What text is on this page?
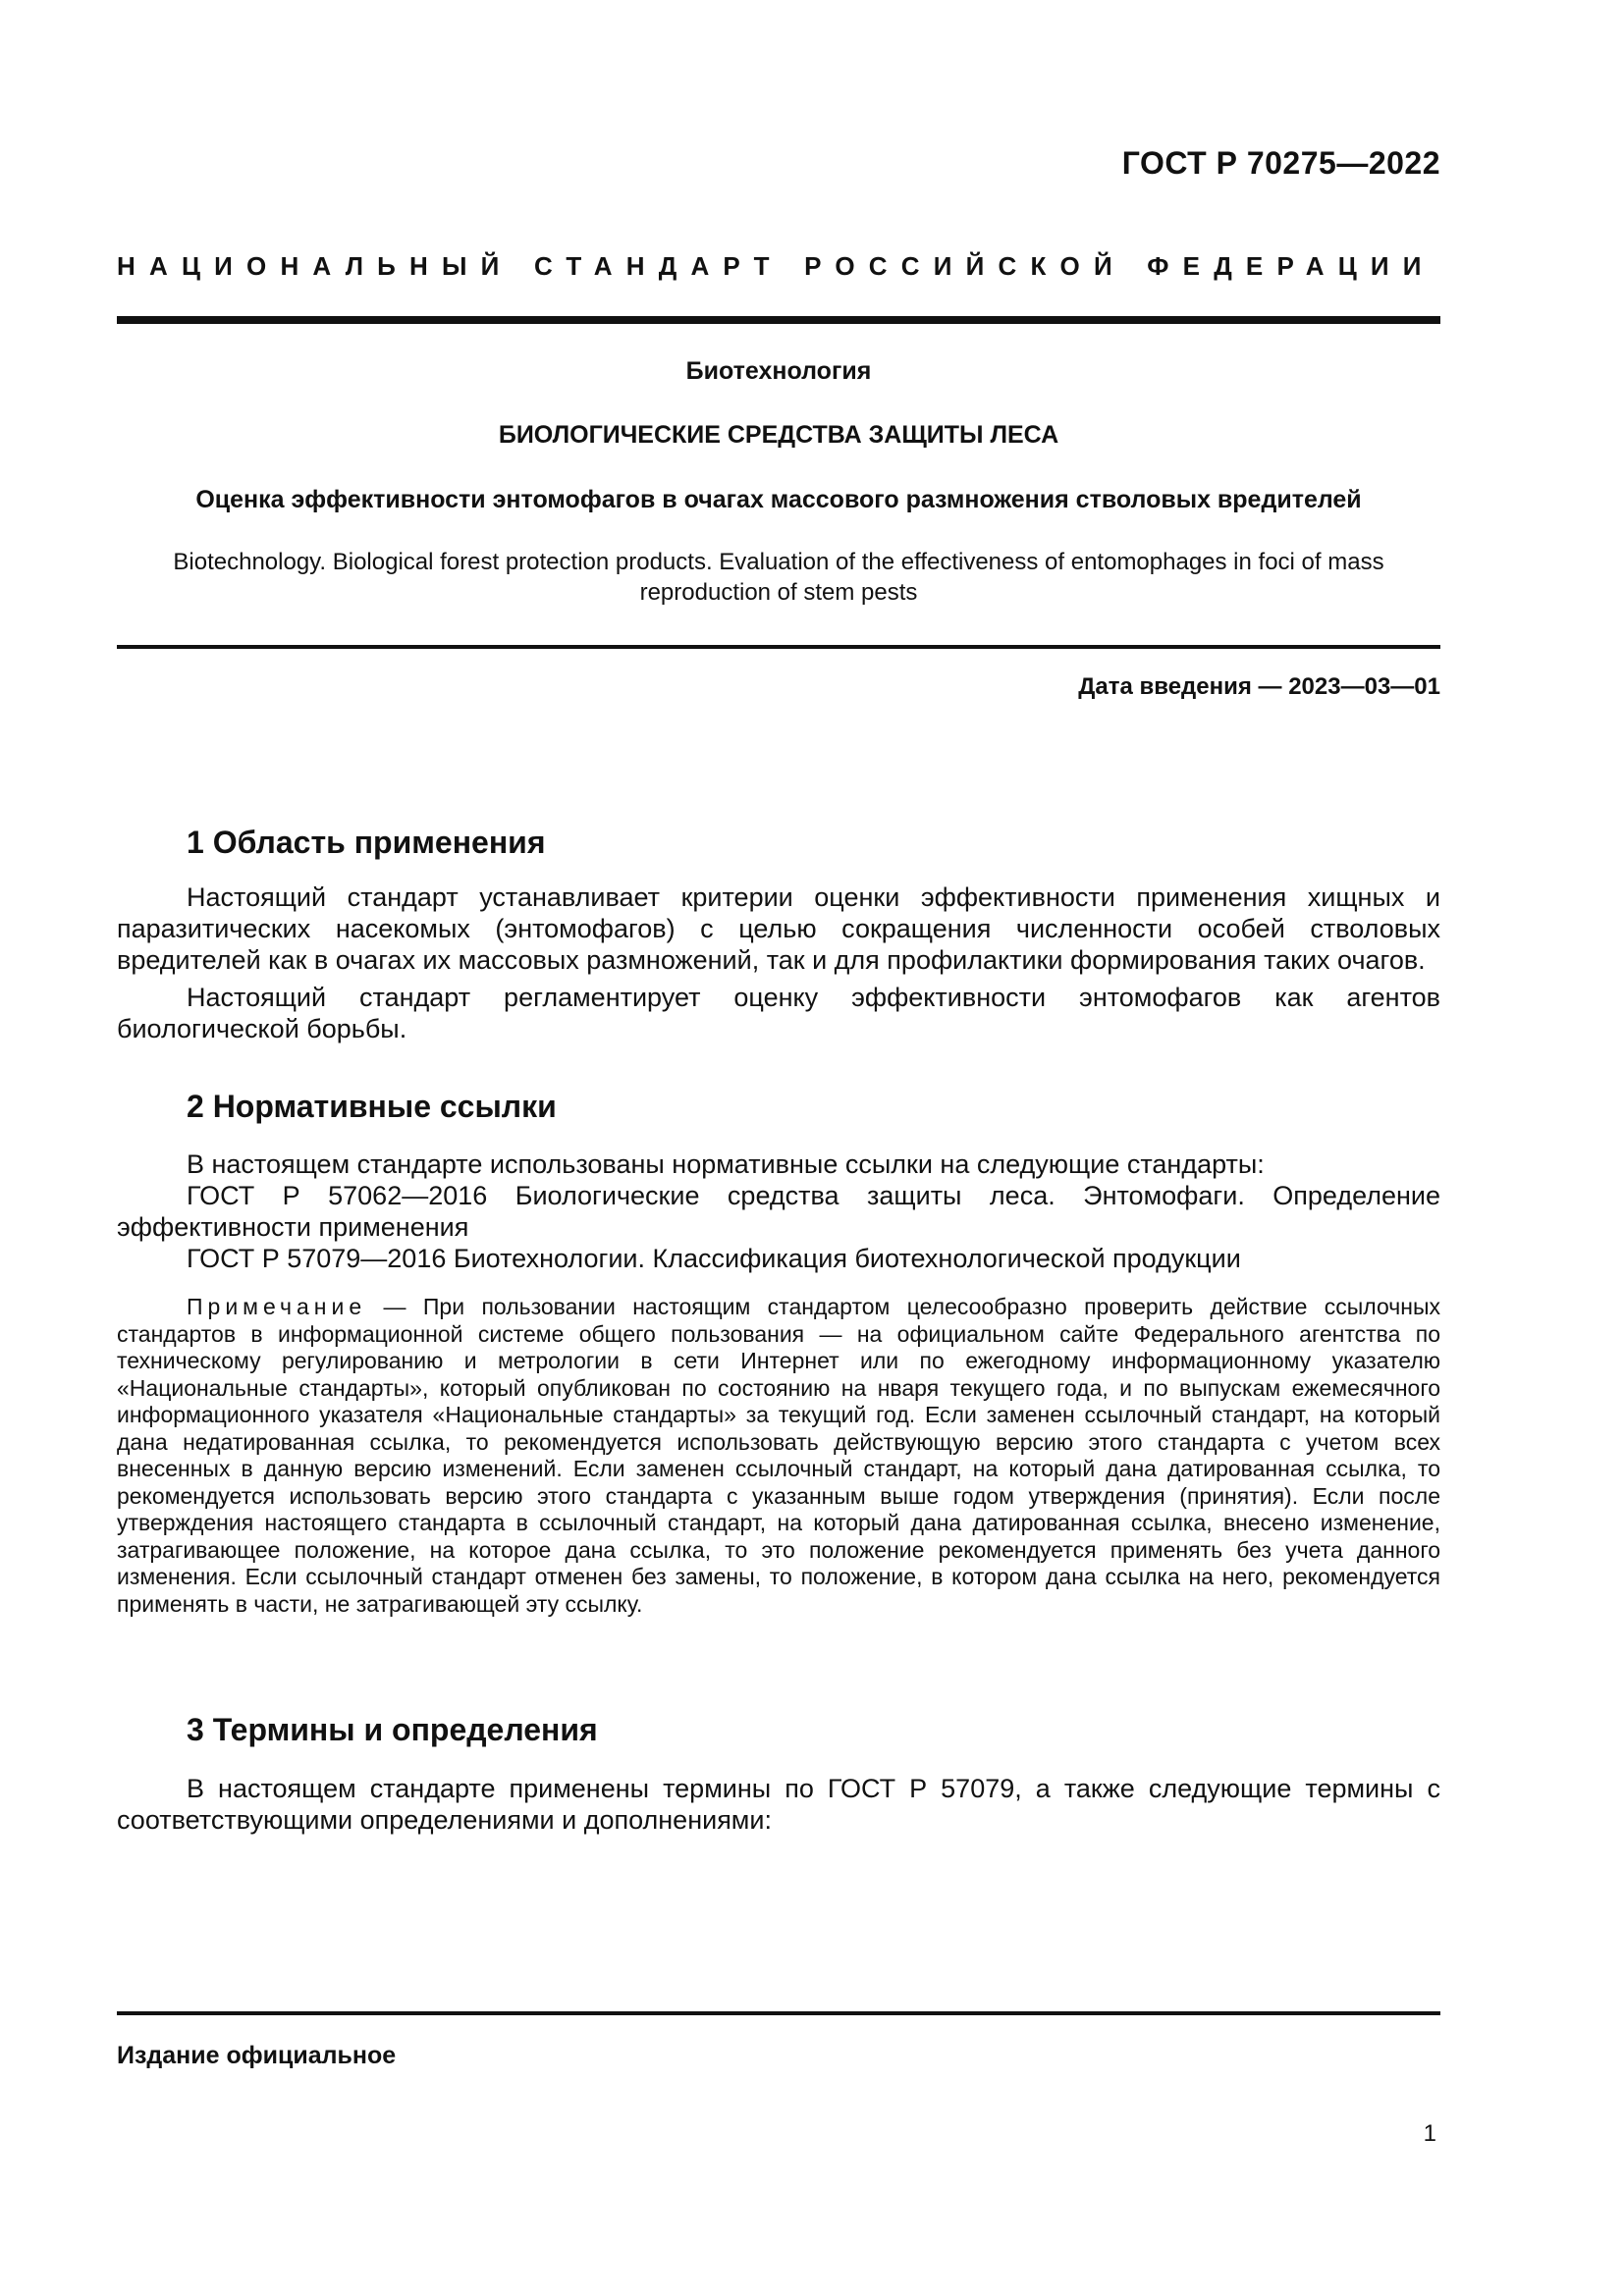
ГОСТ Р 70275—2022
НАЦИОНАЛЬНЫЙ СТАНДАРТ РОССИЙСКОЙ ФЕДЕРАЦИИ
Биотехнология
БИОЛОГИЧЕСКИЕ СРЕДСТВА ЗАЩИТЫ ЛЕСА
Оценка эффективности энтомофагов в очагах массового размножения стволовых вредителей
Biotechnology. Biological forest protection products. Evaluation of the effectiveness of entomophages in foci of mass reproduction of stem pests
Дата введения — 2023—03—01
1 Область применения

Настоящий стандарт устанавливает критерии оценки эффективности применения хищных и паразитических насекомых (энтомофагов) с целью сокращения численности особей стволовых вредителей как в очагах их массовых размножений, так и для профилактики формирования таких очагов.

Настоящий стандарт регламентирует оценку эффективности энтомофагов как агентов биологической борьбы.

2 Нормативные ссылки

В настоящем стандарте использованы нормативные ссылки на следующие стандарты:

ГОСТ Р 57062—2016 Биологические средства защиты леса. Энтомофаги. Определение эффективности применения

ГОСТ Р 57079—2016 Биотехнологии. Классификация биотехнологической продукции

Примечание — При пользовании настоящим стандартом целесообразно проверить действие ссылочных стандартов в информационной системе общего пользования — на официальном сайте Федерального агентства по техническому регулированию и метрологии в сети Интернет или по ежегодному информационному указателю «Национальные стандарты», который опубликован по состоянию на нваря текущего года, и по выпускам ежемесячного информационного указателя «Национальные стандарты» за текущий год. Если заменен ссылочный стандарт, на который дана недатированная ссылка, то рекомендуется использовать действующую версию этого стандарта с учетом всех внесенных в данную версию изменений. Если заменен ссылочный стандарт, на который дана датированная ссылка, то рекомендуется использовать версию этого стандарта с указанным выше годом утверждения (принятия). Если после утверждения настоящего стандарта в ссылочный стандарт, на который дана датированная ссылка, внесено изменение, затрагивающее положение, на которое дана ссылка, то это положение рекомендуется применять без учета данного изменения. Если ссылочный стандарт отменен без замены, то положение, в котором дана ссылка на него, рекомендуется применять в части, не затрагивающей эту ссылку.

3 Термины и определения

В настоящем стандарте применены термины по ГОСТ Р 57079, а также следующие термины с соответствующими определениями и дополнениями:

Издание официальное
1
